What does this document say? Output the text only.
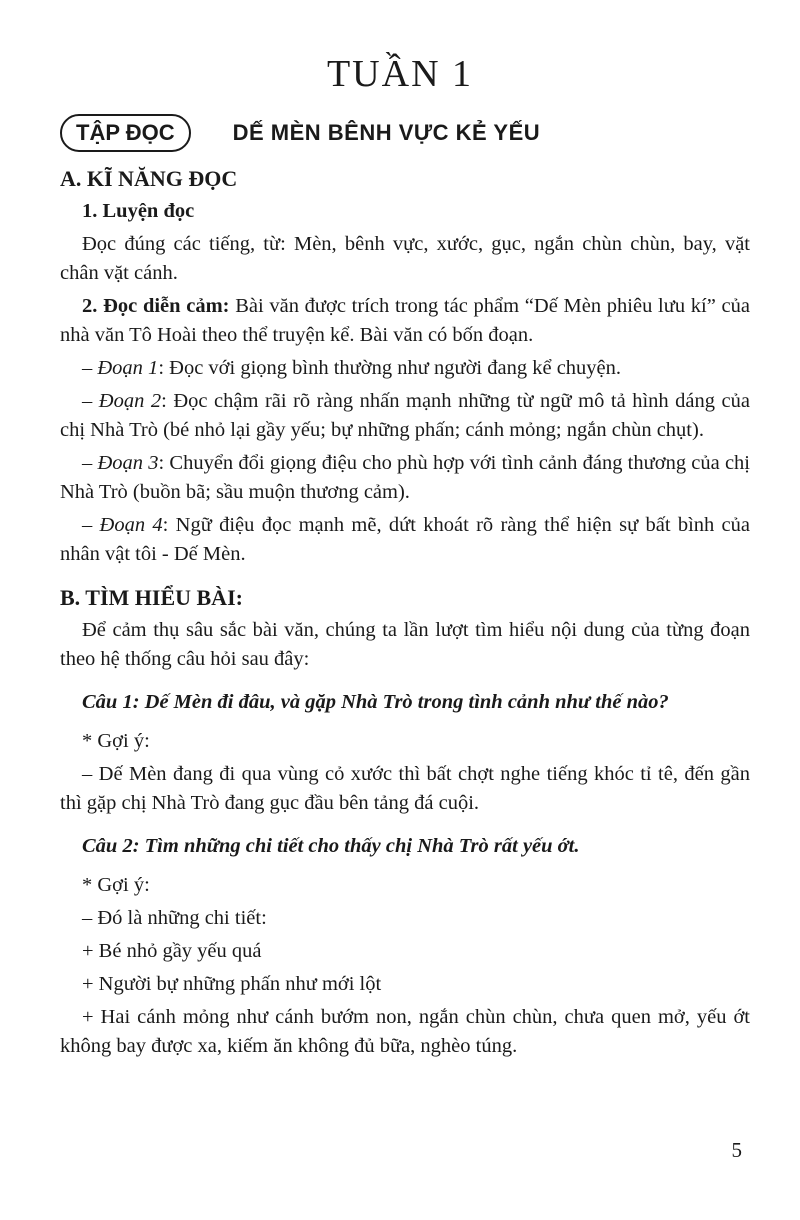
TUẦN 1
TẬP ĐỌC	DẾ MÈN BÊNH VỰC KẺ YẾU
A. KĨ NĂNG ĐỌC
1. Luyện đọc

Đọc đúng các tiếng, từ: Mèn, bênh vực, xước, gục, ngắn chùn chùn, bay, vặt chân vặt cánh.

2. Đọc diễn cảm: Bài văn được trích trong tác phẩm “Dế Mèn phiêu lưu kí” của nhà văn Tô Hoài theo thể truyện kể. Bài văn có bốn đoạn.

– Đoạn 1: Đọc với giọng bình thường như người đang kể chuyện.

– Đoạn 2: Đọc chậm rãi rõ ràng nhấn mạnh những từ ngữ mô tả hình dáng của chị Nhà Trò (bé nhỏ lại gầy yếu; bự những phấn; cánh mỏng; ngắn chùn chụt).

– Đoạn 3: Chuyển đổi giọng điệu cho phù hợp với tình cảnh đáng thương của chị Nhà Trò (buồn bã; sầu muộn thương cảm).

– Đoạn 4: Ngữ điệu đọc mạnh mẽ, dứt khoát rõ ràng thể hiện sự bất bình của nhân vật tôi - Dế Mèn.

B. TÌM HIỂU BÀI:

Để cảm thụ sâu sắc bài văn, chúng ta lần lượt tìm hiểu nội dung của từng đoạn theo hệ thống câu hỏi sau đây:

Câu 1: Dế Mèn đi đâu, và gặp Nhà Trò trong tình cảnh như thế nào?

* Gợi ý:

– Dế Mèn đang đi qua vùng cỏ xước thì bất chợt nghe tiếng khóc tỉ tê, đến gần thì gặp chị Nhà Trò đang gục đầu bên tảng đá cuội.

Câu 2: Tìm những chi tiết cho thấy chị Nhà Trò rất yếu ớt.

* Gợi ý:

– Đó là những chi tiết:

+ Bé nhỏ gầy yếu quá

+ Người bự những phấn như mới lột

+ Hai cánh mỏng như cánh bướm non, ngắn chùn chùn, chưa quen mở, yếu ớt không bay được xa, kiếm ăn không đủ bữa, nghèo túng.

5
